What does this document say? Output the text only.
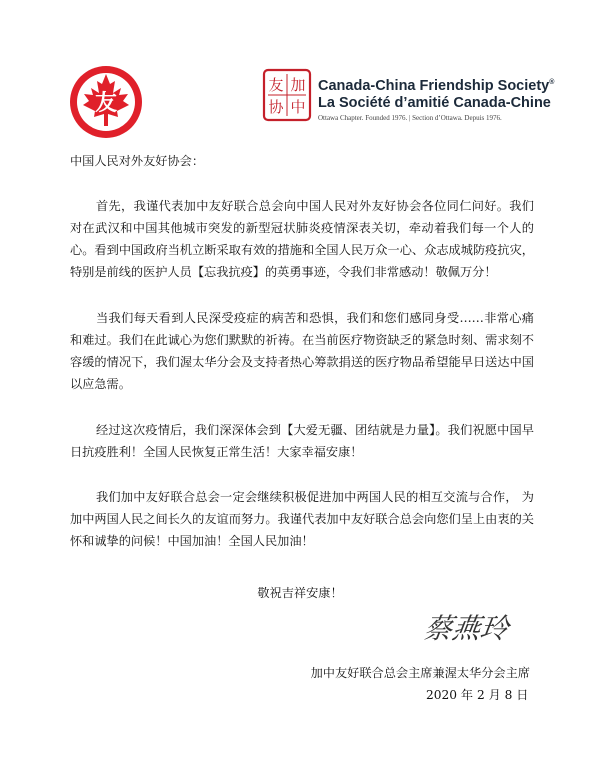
友
友 加
协 中
Canada-China Friendship Society®
La Société d’amitié Canada-Chine
Ottawa Chapter. Founded 1976. | Section d’Ottawa. Depuis 1976.
中国人民对外友好协会：

首先，我谨代表加中友好联合总会向中国人民对外友好协会各位同仁问好。我们对在武汉和中国其他城市突发的新型冠状肺炎疫情深表关切，牵动着我们每一个人的心。看到中国政府当机立断采取有效的措施和全国人民万众一心、众志成城防疫抗灾， 特别是前线的医护人员【忘我抗疫】的英勇事迹，令我们非常感动！敬佩万分！

当我们每天看到人民深受疫症的病苦和恐惧，我们和您们感同身受……非常心痛和难过。我们在此诚心为您们默默的祈祷。在当前医疗物资缺乏的紧急时刻、需求刻不容缓的情况下，我们渥太华分会及支持者热心筹款捐送的医疗物品希望能早日送达中国以应急需。

经过这次疫情后，我们深深体会到【大爱无疆、团结就是力量】。我们祝愿中国早日抗疫胜利！全国人民恢复正常生活！大家幸福安康！

我们加中友好联合总会一定会继续积极促进加中两国人民的相互交流与合作， 为加中两国人民之间长久的友谊而努力。我谨代表加中友好联合总会向您们呈上由衷的关怀和诚挚的问候！中国加油！全国人民加油！

敬祝吉祥安康！
蔡燕玲
加中友好联合总会主席兼渥太华分会主席
2020 年 2 月 8 日
